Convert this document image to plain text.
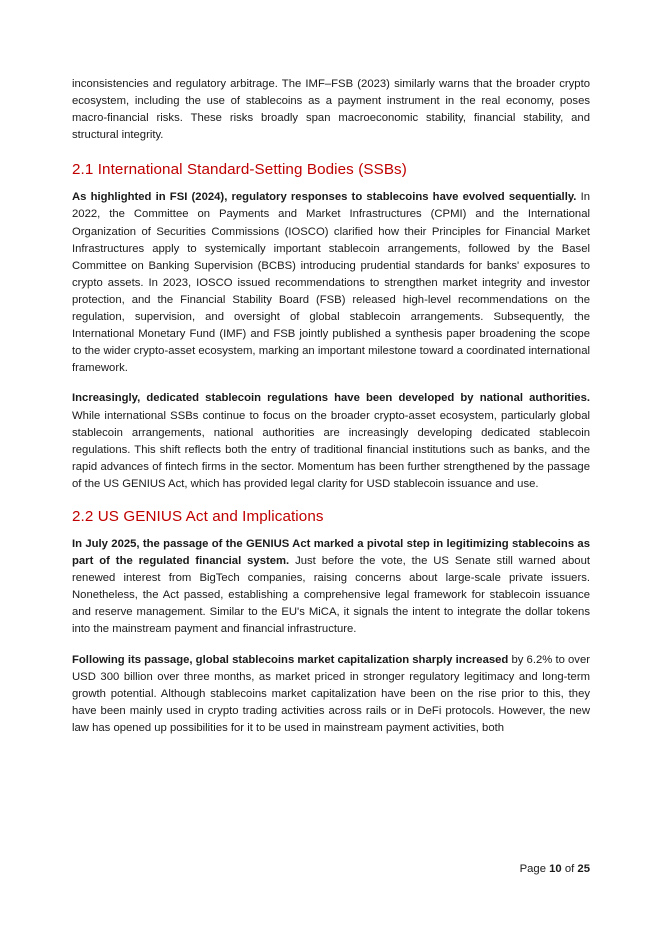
inconsistencies and regulatory arbitrage. The IMF–FSB (2023) similarly warns that the broader crypto ecosystem, including the use of stablecoins as a payment instrument in the real economy, poses macro-financial risks. These risks broadly span macroeconomic stability, financial stability, and structural integrity.

2.1 International Standard-Setting Bodies (SSBs)

As highlighted in FSI (2024), regulatory responses to stablecoins have evolved sequentially. In 2022, the Committee on Payments and Market Infrastructures (CPMI) and the International Organization of Securities Commissions (IOSCO) clarified how their Principles for Financial Market Infrastructures apply to systemically important stablecoin arrangements, followed by the Basel Committee on Banking Supervision (BCBS) introducing prudential standards for banks' exposures to crypto assets. In 2023, IOSCO issued recommendations to strengthen market integrity and investor protection, and the Financial Stability Board (FSB) released high-level recommendations on the regulation, supervision, and oversight of global stablecoin arrangements. Subsequently, the International Monetary Fund (IMF) and FSB jointly published a synthesis paper broadening the scope to the wider crypto-asset ecosystem, marking an important milestone toward a coordinated international framework.

Increasingly, dedicated stablecoin regulations have been developed by national authorities. While international SSBs continue to focus on the broader crypto-asset ecosystem, particularly global stablecoin arrangements, national authorities are increasingly developing dedicated stablecoin regulations. This shift reflects both the entry of traditional financial institutions such as banks, and the rapid advances of fintech firms in the sector. Momentum has been further strengthened by the passage of the US GENIUS Act, which has provided legal clarity for USD stablecoin issuance and use.

2.2 US GENIUS Act and Implications

In July 2025, the passage of the GENIUS Act marked a pivotal step in legitimizing stablecoins as part of the regulated financial system. Just before the vote, the US Senate still warned about renewed interest from BigTech companies, raising concerns about large-scale private issuers. Nonetheless, the Act passed, establishing a comprehensive legal framework for stablecoin issuance and reserve management. Similar to the EU's MiCA, it signals the intent to integrate the dollar tokens into the mainstream payment and financial infrastructure.

Following its passage, global stablecoins market capitalization sharply increased by 6.2% to over USD 300 billion over three months, as market priced in stronger regulatory legitimacy and long-term growth potential. Although stablecoins market capitalization have been on the rise prior to this, they have been mainly used in crypto trading activities across rails or in DeFi protocols. However, the new law has opened up possibilities for it to be used in mainstream payment activities, both

Page 10 of 25
